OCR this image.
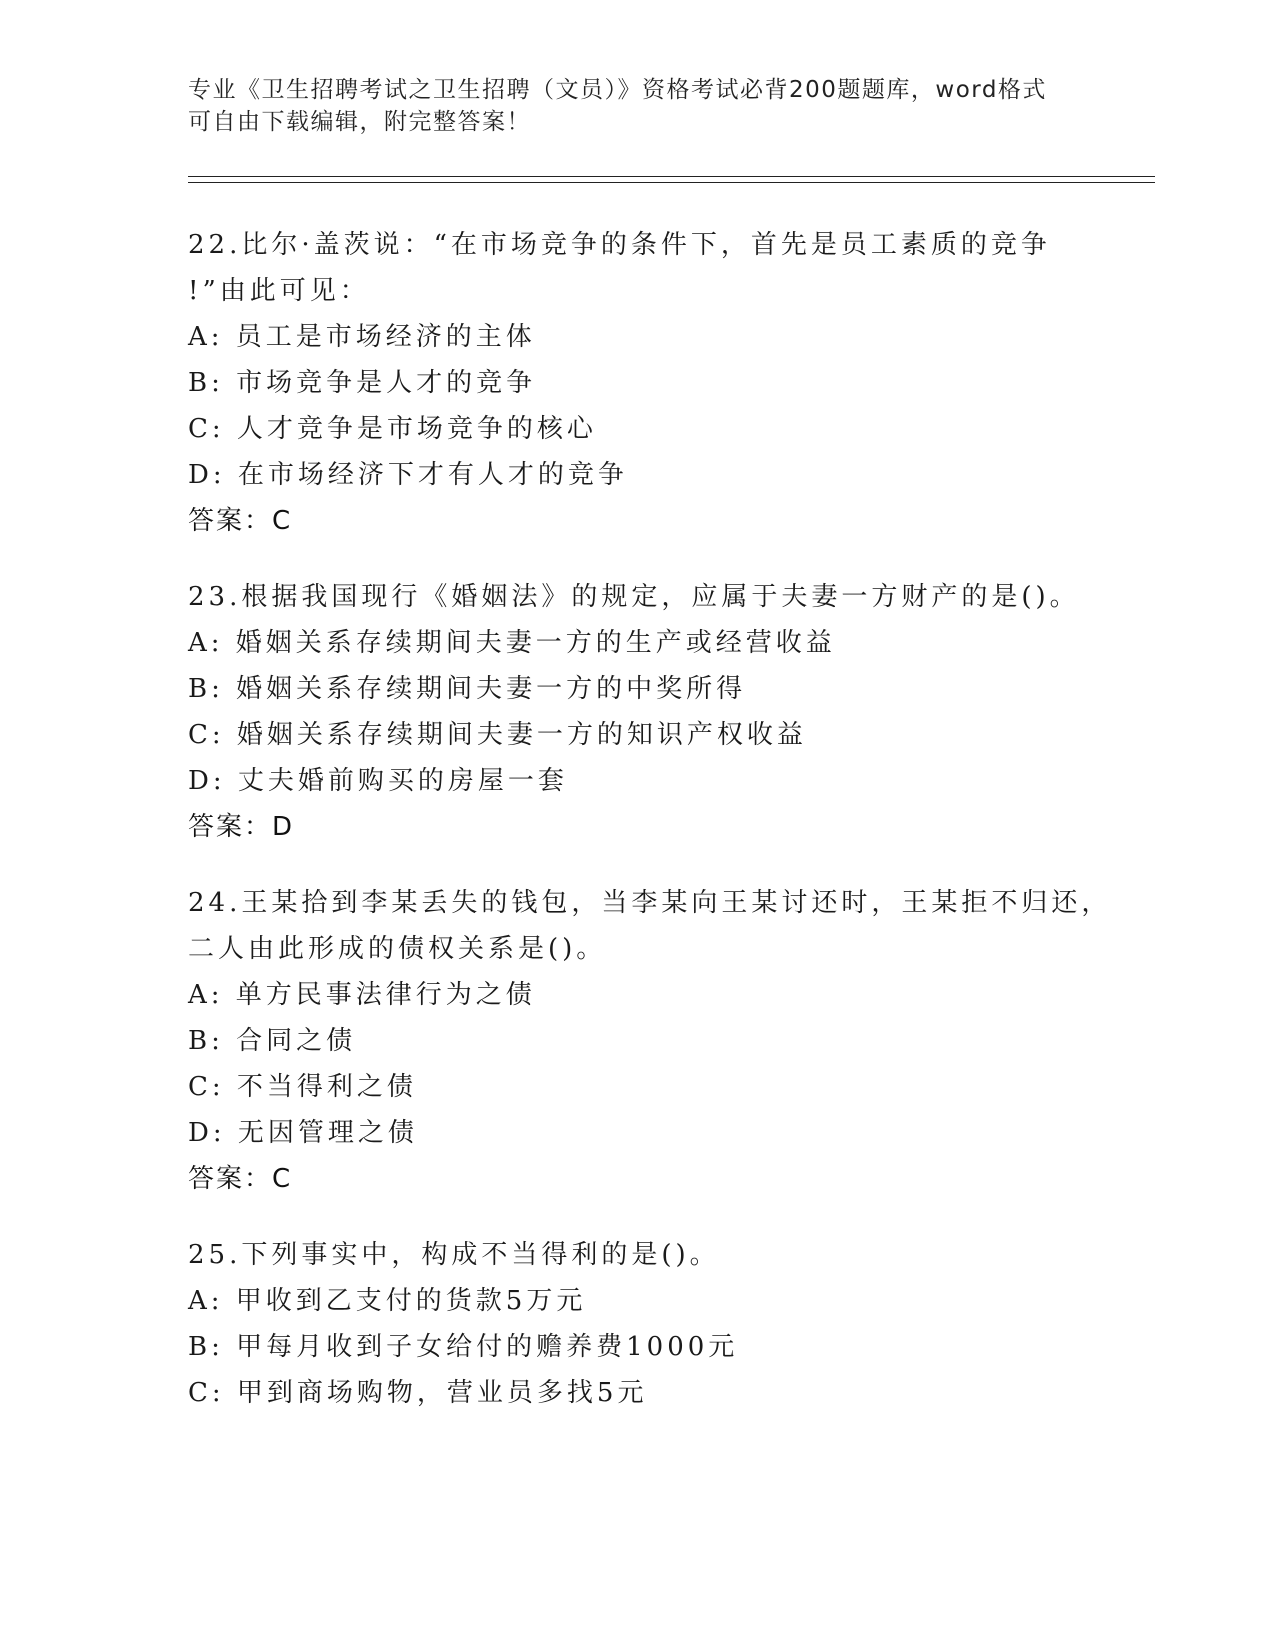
专业《卫生招聘考试之卫生招聘（文员）》资格考试必背200题题库，word格式
可自由下载编辑，附完整答案！
22.比尔·盖茨说：“在市场竞争的条件下，首先是员工素质的竞争
!”由此可见：
A: 员工是市场经济的主体
B: 市场竞争是人才的竞争
C: 人才竞争是市场竞争的核心
D: 在市场经济下才有人才的竞争
答案：C
23.根据我国现行《婚姻法》的规定，应属于夫妻一方财产的是()。
A: 婚姻关系存续期间夫妻一方的生产或经营收益
B: 婚姻关系存续期间夫妻一方的中奖所得
C: 婚姻关系存续期间夫妻一方的知识产权收益
D: 丈夫婚前购买的房屋一套
答案：D
24.王某拾到李某丢失的钱包，当李某向王某讨还时，王某拒不归还，
二人由此形成的债权关系是()。
A: 单方民事法律行为之债
B: 合同之债
C: 不当得利之债
D: 无因管理之债
答案：C
25.下列事实中，构成不当得利的是()。
A: 甲收到乙支付的货款5万元
B: 甲每月收到子女给付的赡养费1000元
C: 甲到商场购物，营业员多找5元
